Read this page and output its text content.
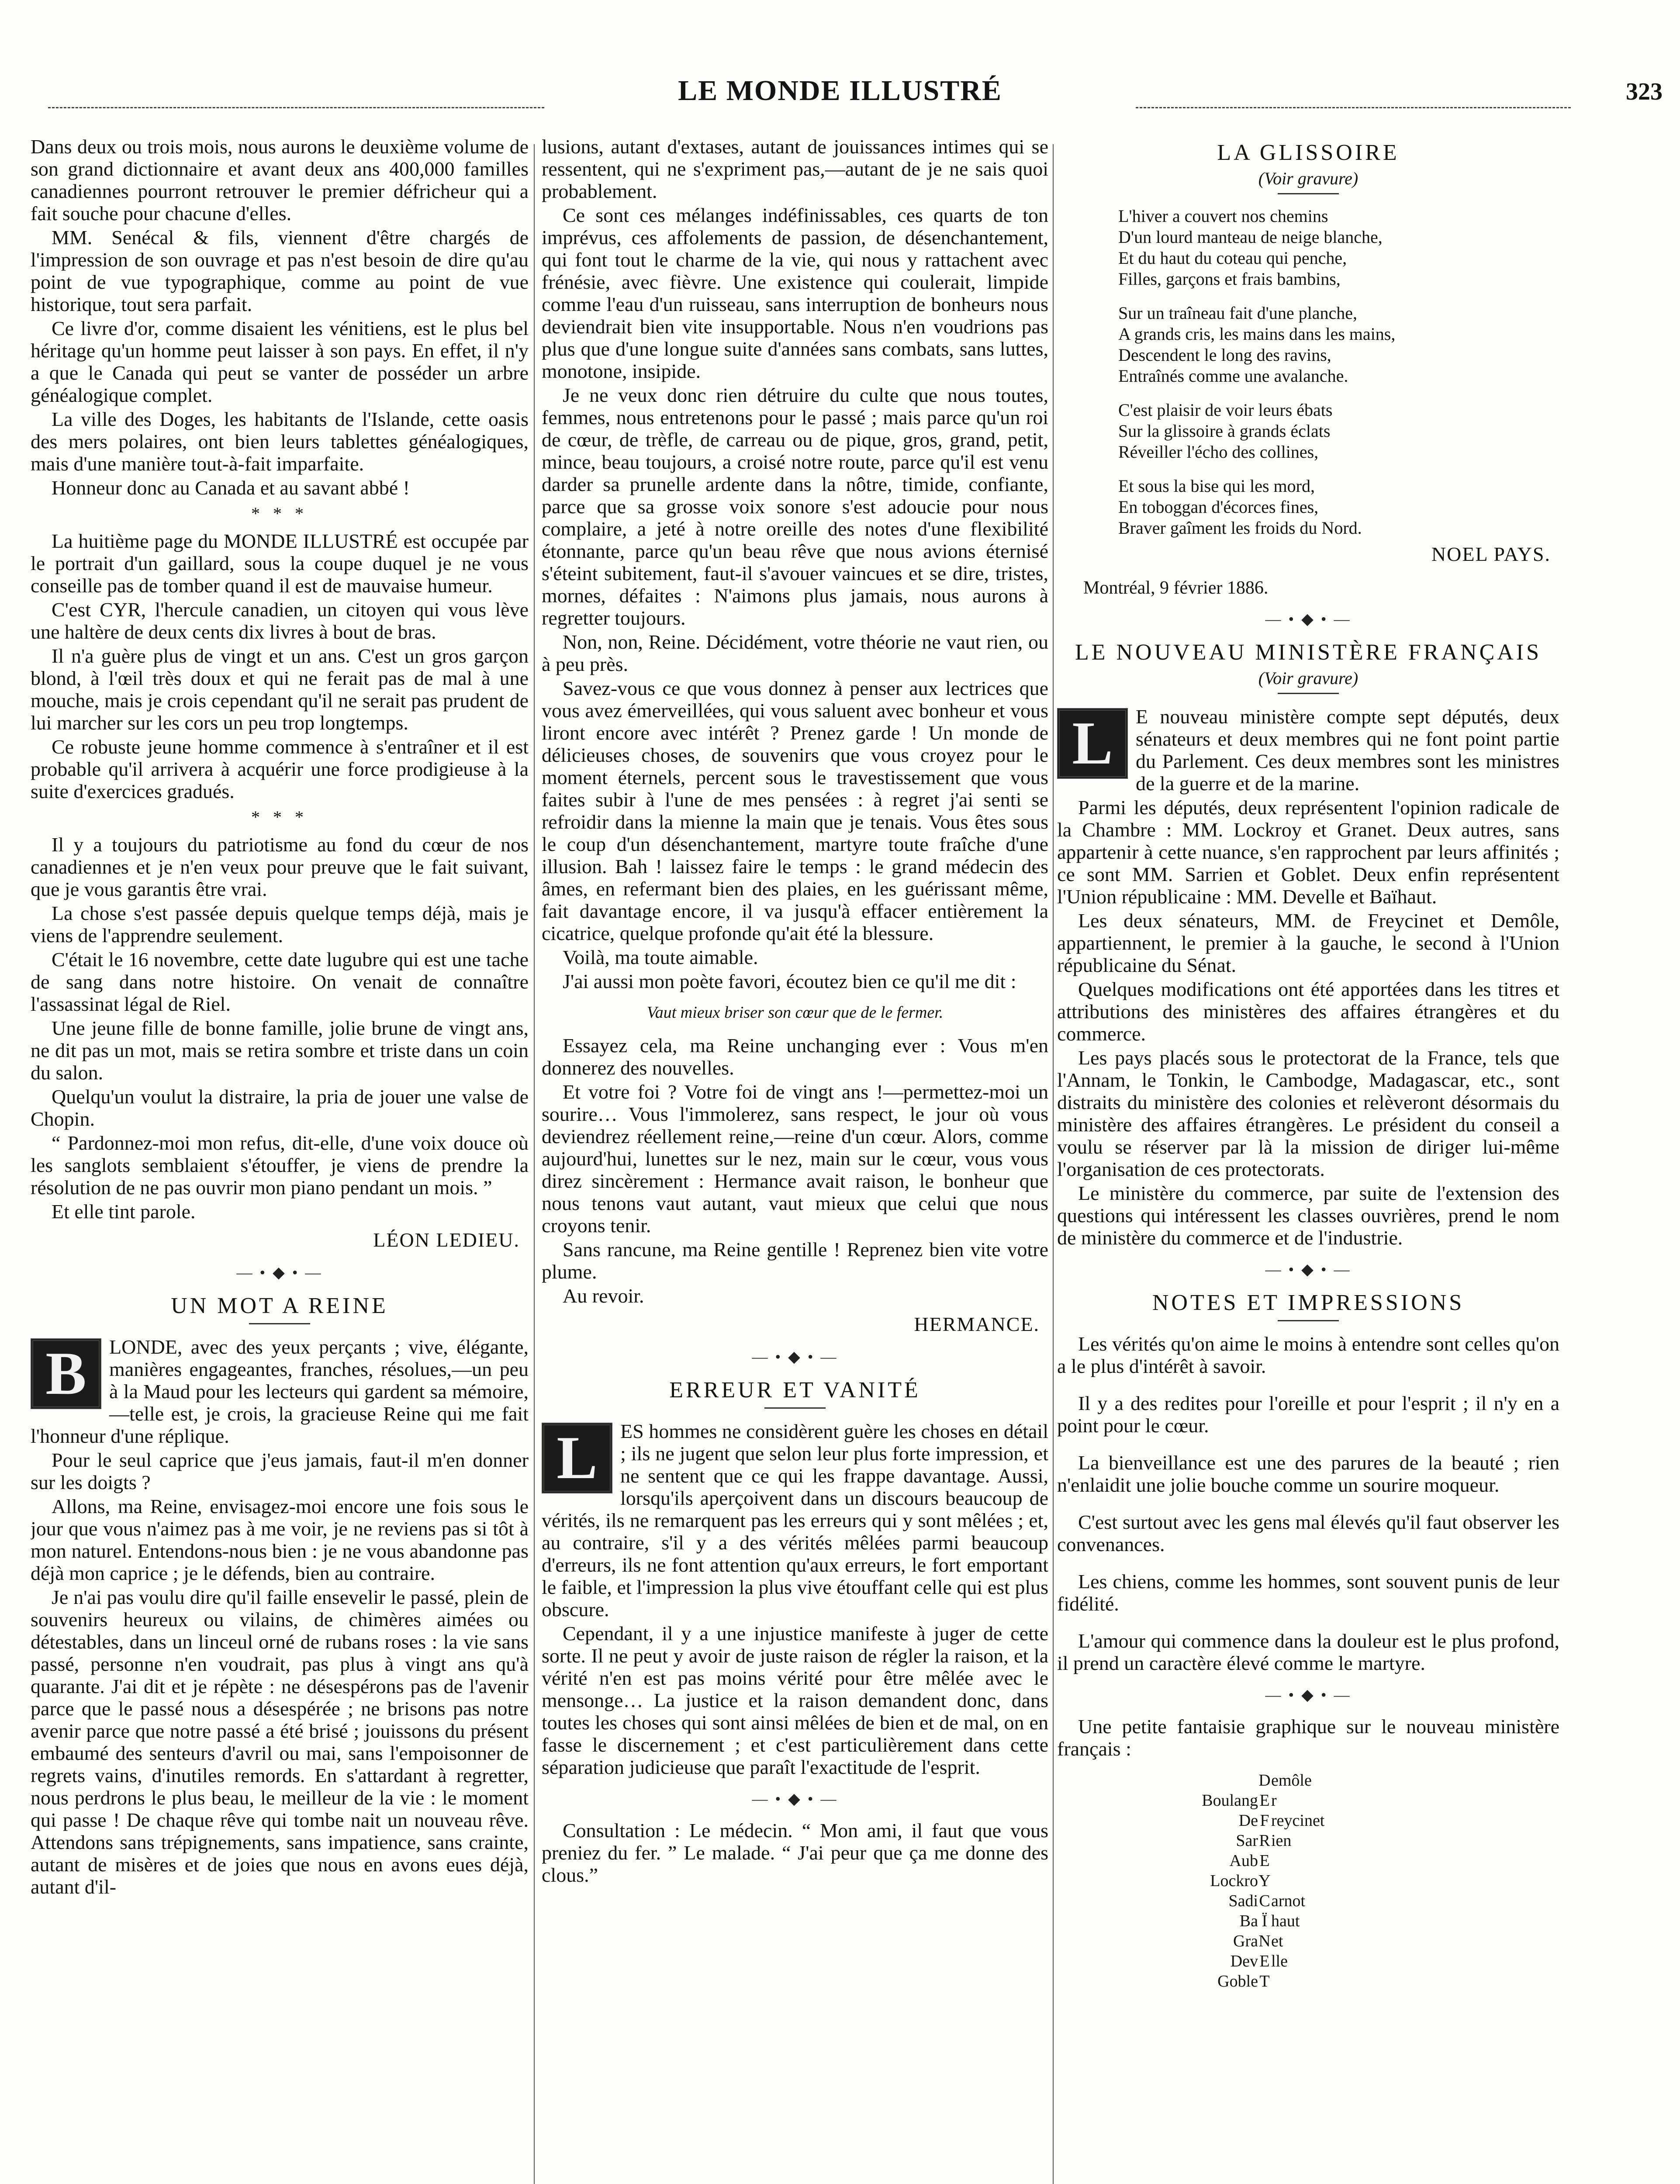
LE MONDE ILLUSTRÉ	323

Dans deux ou trois mois, nous aurons le deuxième volume de son grand dictionnaire et avant deux ans 400,000 familles canadiennes pourront retrouver le premier défricheur qui a fait souche pour chacune d'elles.

MM. Senécal & fils, viennent d'être chargés de l'impression de son ouvrage et pas n'est besoin de dire qu'au point de vue typographique, comme au point de vue historique, tout sera parfait.

Ce livre d'or, comme disaient les vénitiens, est le plus bel héritage qu'un homme peut laisser à son pays. En effet, il n'y a que le Canada qui peut se vanter de posséder un arbre généalogique complet.

La ville des Doges, les habitants de l'Islande, cette oasis des mers polaires, ont bien leurs tablettes généalogiques, mais d'une manière tout-à-fait imparfaite.

Honneur donc au Canada et au savant abbé !

* * *

La huitième page du MONDE ILLUSTRÉ est occupée par le portrait d'un gaillard, sous la coupe duquel je ne vous conseille pas de tomber quand il est de mauvaise humeur.

C'est CYR, l'hercule canadien, un citoyen qui vous lève une haltère de deux cents dix livres à bout de bras.

Il n'a guère plus de vingt et un ans. C'est un gros garçon blond, à l'œil très doux et qui ne ferait pas de mal à une mouche, mais je crois cependant qu'il ne serait pas prudent de lui marcher sur les cors un peu trop longtemps.

Ce robuste jeune homme commence à s'entraîner et il est probable qu'il arrivera à acquérir une force prodigieuse à la suite d'exercices gradués.

* * *

Il y a toujours du patriotisme au fond du cœur de nos canadiennes et je n'en veux pour preuve que le fait suivant, que je vous garantis être vrai.

La chose s'est passée depuis quelque temps déjà, mais je viens de l'apprendre seulement.

C'était le 16 novembre, cette date lugubre qui est une tache de sang dans notre histoire. On venait de connaître l'assassinat légal de Riel.

Une jeune fille de bonne famille, jolie brune de vingt ans, ne dit pas un mot, mais se retira sombre et triste dans un coin du salon.

Quelqu'un voulut la distraire, la pria de jouer une valse de Chopin.

“ Pardonnez-moi mon refus, dit-elle, d'une voix douce où les sanglots semblaient s'étouffer, je viens de prendre la résolution de ne pas ouvrir mon piano pendant un mois. ”

Et elle tint parole.

LÉON LEDIEU.

— • ◆ • —
UN MOT A REINE
B	LONDE, avec des yeux perçants ; vive, élégante, manières engageantes, franches, résolues,—un peu à la Maud pour les lecteurs qui gardent sa mémoire,—telle est, je crois, la gracieuse Reine qui me fait l'honneur d'une réplique.

Pour le seul caprice que j'eus jamais, faut-il m'en donner sur les doigts ?

Allons, ma Reine, envisagez-moi encore une fois sous le jour que vous n'aimez pas à me voir, je ne reviens pas si tôt à mon naturel. Entendons-nous bien : je ne vous abandonne pas déjà mon caprice ; je le défends, bien au contraire.

Je n'ai pas voulu dire qu'il faille ensevelir le passé, plein de souvenirs heureux ou vilains, de chimères aimées ou détestables, dans un linceul orné de rubans roses : la vie sans passé, personne n'en voudrait, pas plus à vingt ans qu'à quarante. J'ai dit et je répète : ne désespérons pas de l'avenir parce que le passé nous a désespérée ; ne brisons pas notre avenir parce que notre passé a été brisé ; jouissons du présent embaumé des senteurs d'avril ou mai, sans l'empoisonner de regrets vains, d'inutiles remords. En s'attardant à regretter, nous perdrons le plus beau, le meilleur de la vie : le moment qui passe ! De chaque rêve qui tombe nait un nouveau rêve. Attendons sans trépignements, sans impatience, sans crainte, autant de misères et de joies que nous en avons eues déjà, autant d'il-

lusions, autant d'extases, autant de jouissances intimes qui se ressentent, qui ne s'expriment pas,—autant de je ne sais quoi probablement.

Ce sont ces mélanges indéfinissables, ces quarts de ton imprévus, ces affolements de passion, de désenchantement, qui font tout le charme de la vie, qui nous y rattachent avec frénésie, avec fièvre. Une existence qui coulerait, limpide comme l'eau d'un ruisseau, sans interruption de bonheurs nous deviendrait bien vite insupportable. Nous n'en voudrions pas plus que d'une longue suite d'années sans combats, sans luttes, monotone, insipide.

Je ne veux donc rien détruire du culte que nous toutes, femmes, nous entretenons pour le passé ; mais parce qu'un roi de cœur, de trèfle, de carreau ou de pique, gros, grand, petit, mince, beau toujours, a croisé notre route, parce qu'il est venu darder sa prunelle ardente dans la nôtre, timide, confiante, parce que sa grosse voix sonore s'est adoucie pour nous complaire, a jeté à notre oreille des notes d'une flexibilité étonnante, parce qu'un beau rêve que nous avions éternisé s'éteint subitement, faut-il s'avouer vaincues et se dire, tristes, mornes, défaites : N'aimons plus jamais, nous aurons à regretter toujours.

Non, non, Reine. Décidément, votre théorie ne vaut rien, ou à peu près.

Savez-vous ce que vous donnez à penser aux lectrices que vous avez émerveillées, qui vous saluent avec bonheur et vous liront encore avec intérêt ? Prenez garde ! Un monde de délicieuses choses, de souvenirs que vous croyez pour le moment éternels, percent sous le travestissement que vous faites subir à l'une de mes pensées : à regret j'ai senti se refroidir dans la mienne la main que je tenais. Vous êtes sous le coup d'un désenchantement, martyre toute fraîche d'une illusion. Bah ! laissez faire le temps : le grand médecin des âmes, en refermant bien des plaies, en les guérissant même, fait davantage encore, il va jusqu'à effacer entièrement la cicatrice, quelque profonde qu'ait été la blessure.

Voilà, ma toute aimable.

J'ai aussi mon poète favori, écoutez bien ce qu'il me dit :

Vaut mieux briser son cœur que de le fermer.

Essayez cela, ma Reine unchanging ever : Vous m'en donnerez des nouvelles.

Et votre foi ? Votre foi de vingt ans !—permettez-moi un sourire… Vous l'immolerez, sans respect, le jour où vous deviendrez réellement reine,—reine d'un cœur. Alors, comme aujourd'hui, lunettes sur le nez, main sur le cœur, vous vous direz sincèrement : Hermance avait raison, le bonheur que nous tenons vaut autant, vaut mieux que celui que nous croyons tenir.

Sans rancune, ma Reine gentille ! Reprenez bien vite votre plume.

Au revoir.

HERMANCE.

— • ◆ • —
ERREUR ET VANITÉ
L	ES hommes ne considèrent guère les choses en détail ; ils ne jugent que selon leur plus forte impression, et ne sentent que ce qui les frappe davantage. Aussi, lorsqu'ils aperçoivent dans un discours beaucoup de vérités, ils ne remarquent pas les erreurs qui y sont mêlées ; et, au contraire, s'il y a des vérités mêlées parmi beaucoup d'erreurs, ils ne font attention qu'aux erreurs, le fort emportant le faible, et l'impression la plus vive étouffant celle qui est plus obscure.

Cependant, il y a une injustice manifeste à juger de cette sorte. Il ne peut y avoir de juste raison de régler la raison, et la vérité n'en est pas moins vérité pour être mêlée avec le mensonge… La justice et la raison demandent donc, dans toutes les choses qui sont ainsi mêlées de bien et de mal, on en fasse le discernement ; et c'est particulièrement dans cette séparation judicieuse que paraît l'exactitude de l'esprit.

— • ◆ • —

Consultation : Le médecin. “ Mon ami, il faut que vous preniez du fer. ” Le malade. “ J'ai peur que ça me donne des clous.”

LA GLISSOIRE
(Voir gravure)
L'hiver a couvert nos chemins
D'un lourd manteau de neige blanche,
Et du haut du coteau qui penche,
Filles, garçons et frais bambins,
Sur un traîneau fait d'une planche,
A grands cris, les mains dans les mains,
Descendent le long des ravins,
Entraînés comme une avalanche.
C'est plaisir de voir leurs ébats
Sur la glissoire à grands éclats
Réveiller l'écho des collines,
Et sous la bise qui les mord,
En toboggan d'écorces fines,
Braver gaîment les froids du Nord.

NOEL PAYS.

Montréal, 9 février 1886.
— • ◆ • —
LE NOUVEAU MINISTÈRE FRANÇAIS
(Voir gravure)
L	E nouveau ministère compte sept députés, deux sénateurs et deux membres qui ne font point partie du Parlement. Ces deux membres sont les ministres de la guerre et de la marine.

Parmi les députés, deux représentent l'opinion radicale de la Chambre : MM. Lockroy et Granet. Deux autres, sans appartenir à cette nuance, s'en rapprochent par leurs affinités ; ce sont MM. Sarrien et Goblet. Deux enfin représentent l'Union républicaine : MM. Develle et Baïhaut.

Les deux sénateurs, MM. de Freycinet et Demôle, appartiennent, le premier à la gauche, le second à l'Union républicaine du Sénat.

Quelques modifications ont été apportées dans les titres et attributions des ministères des affaires étrangères et du commerce.

Les pays placés sous le protectorat de la France, tels que l'Annam, le Tonkin, le Cambodge, Madagascar, etc., sont distraits du ministère des colonies et relèveront désormais du ministère des affaires étrangères. Le président du conseil a voulu se réserver par là la mission de diriger lui-même l'organisation de ces protectorats.

Le ministère du commerce, par suite de l'extension des questions qui intéressent les classes ouvrières, prend le nom de ministère du commerce et de l'industrie.

— • ◆ • —
NOTES ET IMPRESSIONS

Les vérités qu'on aime le moins à entendre sont celles qu'on a le plus d'intérêt à savoir.

Il y a des redites pour l'oreille et pour l'esprit ; il n'y en a point pour le cœur.

La bienveillance est une des parures de la beauté ; rien n'enlaidit une jolie bouche comme un sourire moqueur.

C'est surtout avec les gens mal élevés qu'il faut observer les convenances.

Les chiens, comme les hommes, sont souvent punis de leur fidélité.

L'amour qui commence dans la douleur est le plus profond, il prend un caractère élevé comme le martyre.

— • ◆ • —

Une petite fantaisie graphique sur le nouveau ministère français :

D emôle
Boulang E r
De F reycinet
Sar R ien
Aub E
Lockro Y
Sadi C arnot
Ba Ï haut
Gra N et
Dev E lle
Goble T
